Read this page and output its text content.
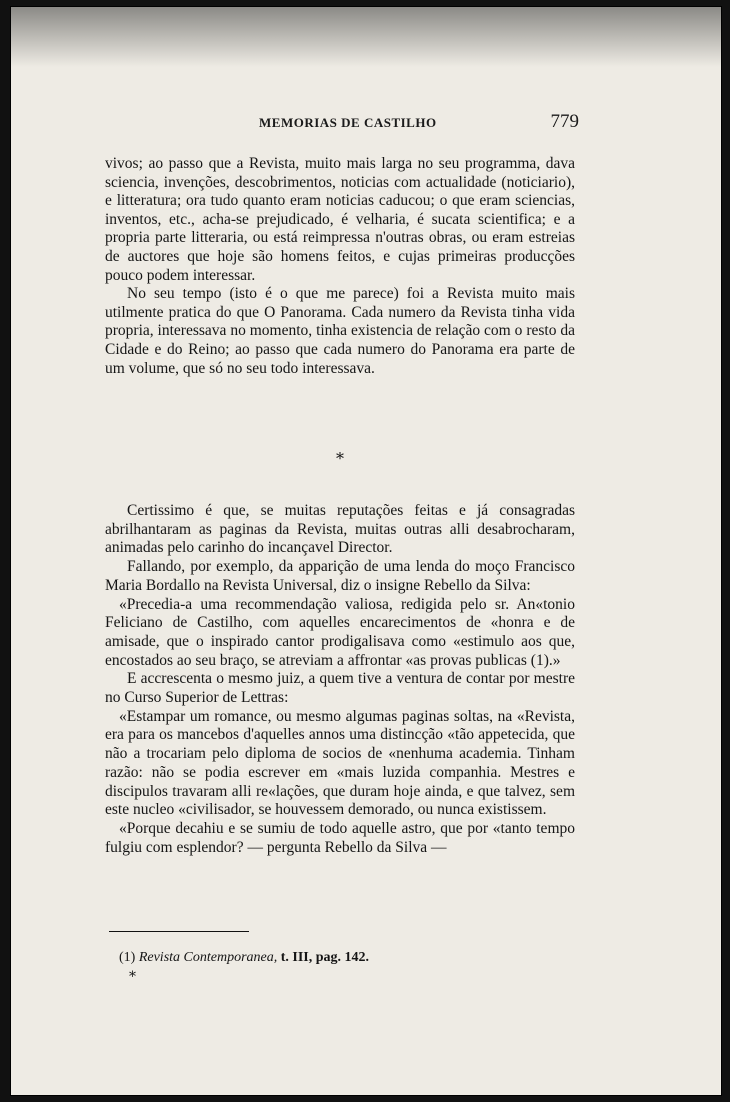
MEMORIAS DE CASTILHO	779

vivos; ao passo que a Revista, muito mais larga no seu programma, dava sciencia, invenções, descobrimentos, noticias com actualidade (noticiario), e litteratura; ora tudo quanto eram noticias caducou; o que eram sciencias, inventos, etc., acha-se prejudicado, é velharia, é sucata scientifica; e a propria parte litteraria, ou está reimpressa n'outras obras, ou eram estreias de auctores que hoje são homens feitos, e cujas primeiras producções pouco podem interessar.

No seu tempo (isto é o que me parece) foi a Revista muito mais utilmente pratica do que O Panorama. Cada numero da Revista tinha vida propria, interessava no momento, tinha existencia de relação com o resto da Cidade e do Reino; ao passo que cada numero do Panorama era parte de um volume, que só no seu todo interessava.

*

Certissimo é que, se muitas reputações feitas e já consagradas abrilhantaram as paginas da Revista, muitas outras alli desabrocharam, animadas pelo carinho do incançavel Director.

Fallando, por exemplo, da apparição de uma lenda do moço Francisco Maria Bordallo na Revista Universal, diz o insigne Rebello da Silva:

«Precedia-a uma recommendação valiosa, redigida pelo sr. An«tonio Feliciano de Castilho, com aquelles encarecimentos de «honra e de amisade, que o inspirado cantor prodigalisava como «estimulo aos que, encostados ao seu braço, se atreviam a affrontar «as provas publicas (1).»

E accrescenta o mesmo juiz, a quem tive a ventura de contar por mestre no Curso Superior de Lettras:

«Estampar um romance, ou mesmo algumas paginas soltas, na «Revista, era para os mancebos d'aquelles annos uma distincção «tão appetecida, que não a trocariam pelo diploma de socios de «nenhuma academia. Tinham razão: não se podia escrever em «mais luzida companhia. Mestres e discipulos travaram alli re«lações, que duram hoje ainda, e que talvez, sem este nucleo «civilisador, se houvessem demorado, ou nunca existissem.

«Porque decahiu e se sumiu de todo aquelle astro, que por «tanto tempo fulgiu com esplendor? — pergunta Rebello da Silva —

(1) Revista Contemporanea, t. III, pag. 142.
*
